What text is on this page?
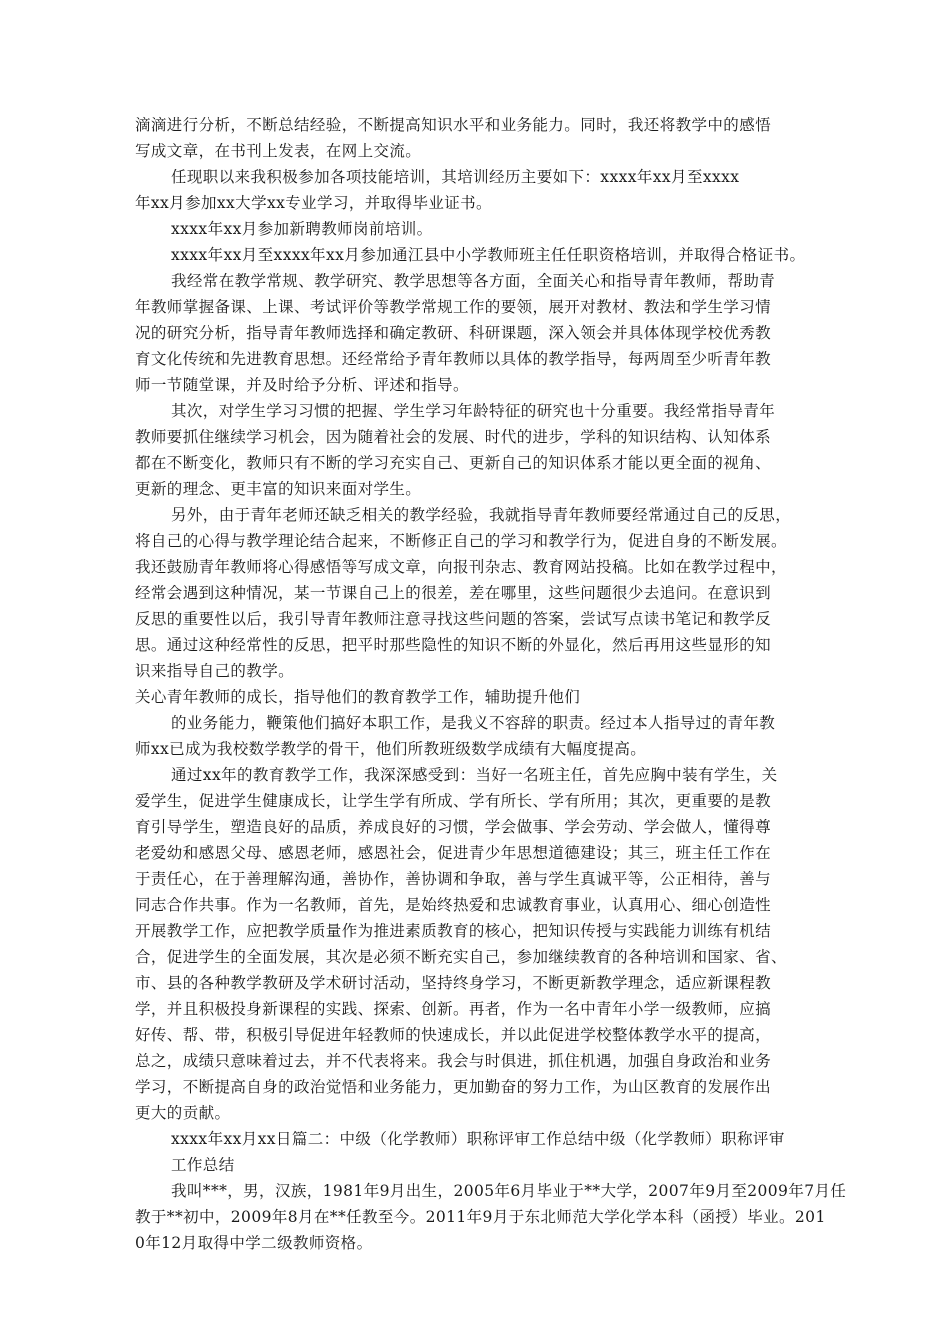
滴滴进行分析，不断总结经验，不断提高知识水平和业务能力。同时，我还将教学中的感悟
写成文章，在书刊上发表，在网上交流。
任现职以来我积极参加各项技能培训，其培训经历主要如下：xxxx年xx月至xxxx
年xx月参加xx大学xx专业学习，并取得毕业证书。
xxxx年xx月参加新聘教师岗前培训。
xxxx年xx月至xxxx年xx月参加通江县中小学教师班主任任职资格培训，并取得合格证书。
我经常在教学常规、教学研究、教学思想等各方面，全面关心和指导青年教师，帮助青
年教师掌握备课、上课、考试评价等教学常规工作的要领，展开对教材、教法和学生学习情
况的研究分析，指导青年教师选择和确定教研、科研课题，深入领会并具体体现学校优秀教
育文化传统和先进教育思想。还经常给予青年教师以具体的教学指导，每两周至少听青年教
师一节随堂课，并及时给予分析、评述和指导。
其次，对学生学习习惯的把握、学生学习年龄特征的研究也十分重要。我经常指导青年
教师要抓住继续学习机会，因为随着社会的发展、时代的进步，学科的知识结构、认知体系
都在不断变化，教师只有不断的学习充实自己、更新自己的知识体系才能以更全面的视角、
更新的理念、更丰富的知识来面对学生。
另外，由于青年老师还缺乏相关的教学经验，我就指导青年教师要经常通过自己的反思，
将自己的心得与教学理论结合起来，不断修正自己的学习和教学行为，促进自身的不断发展。
我还鼓励青年教师将心得感悟等写成文章，向报刊杂志、教育网站投稿。比如在教学过程中，
经常会遇到这种情况，某一节课自己上的很差，差在哪里，这些问题很少去追问。在意识到
反思的重要性以后，我引导青年教师注意寻找这些问题的答案，尝试写点读书笔记和教学反
思。通过这种经常性的反思，把平时那些隐性的知识不断的外显化，然后再用这些显形的知
识来指导自己的教学。
关心青年教师的成长，指导他们的教育教学工作，辅助提升他们
的业务能力，鞭策他们搞好本职工作，是我义不容辞的职责。经过本人指导过的青年教
师xx已成为我校数学教学的骨干，他们所教班级数学成绩有大幅度提高。
通过xx年的教育教学工作，我深深感受到：当好一名班主任，首先应胸中装有学生，关
爱学生，促进学生健康成长，让学生学有所成、学有所长、学有所用；其次，更重要的是教
育引导学生，塑造良好的品质，养成良好的习惯，学会做事、学会劳动、学会做人，懂得尊
老爱幼和感恩父母、感恩老师，感恩社会，促进青少年思想道德建设；其三，班主任工作在
于责任心，在于善理解沟通，善协作，善协调和争取，善与学生真诚平等，公正相待，善与
同志合作共事。作为一名教师，首先，是始终热爱和忠诚教育事业，认真用心、细心创造性
开展教学工作，应把教学质量作为推进素质教育的核心，把知识传授与实践能力训练有机结
合，促进学生的全面发展，其次是必须不断充实自己，参加继续教育的各种培训和国家、省、
市、县的各种教学教研及学术研讨活动，坚持终身学习，不断更新教学理念，适应新课程教
学，并且积极投身新课程的实践、探索、创新。再者，作为一名中青年小学一级教师，应搞
好传、帮、带，积极引导促进年轻教师的快速成长，并以此促进学校整体教学水平的提高，
总之，成绩只意味着过去，并不代表将来。我会与时俱进，抓住机遇，加强自身政治和业务
学习，不断提高自身的政治觉悟和业务能力，更加勤奋的努力工作，为山区教育的发展作出
更大的贡献。
xxxx年xx月xx日篇二：中级（化学教师）职称评审工作总结中级（化学教师）职称评审
工作总结
我叫***，男，汉族，1981年9月出生，2005年6月毕业于**大学，2007年9月至2009年7月任
教于**初中，2009年8月在**任教至今。2011年9月于东北师范大学化学本科（函授）毕业。201
0年12月取得中学二级教师资格。
